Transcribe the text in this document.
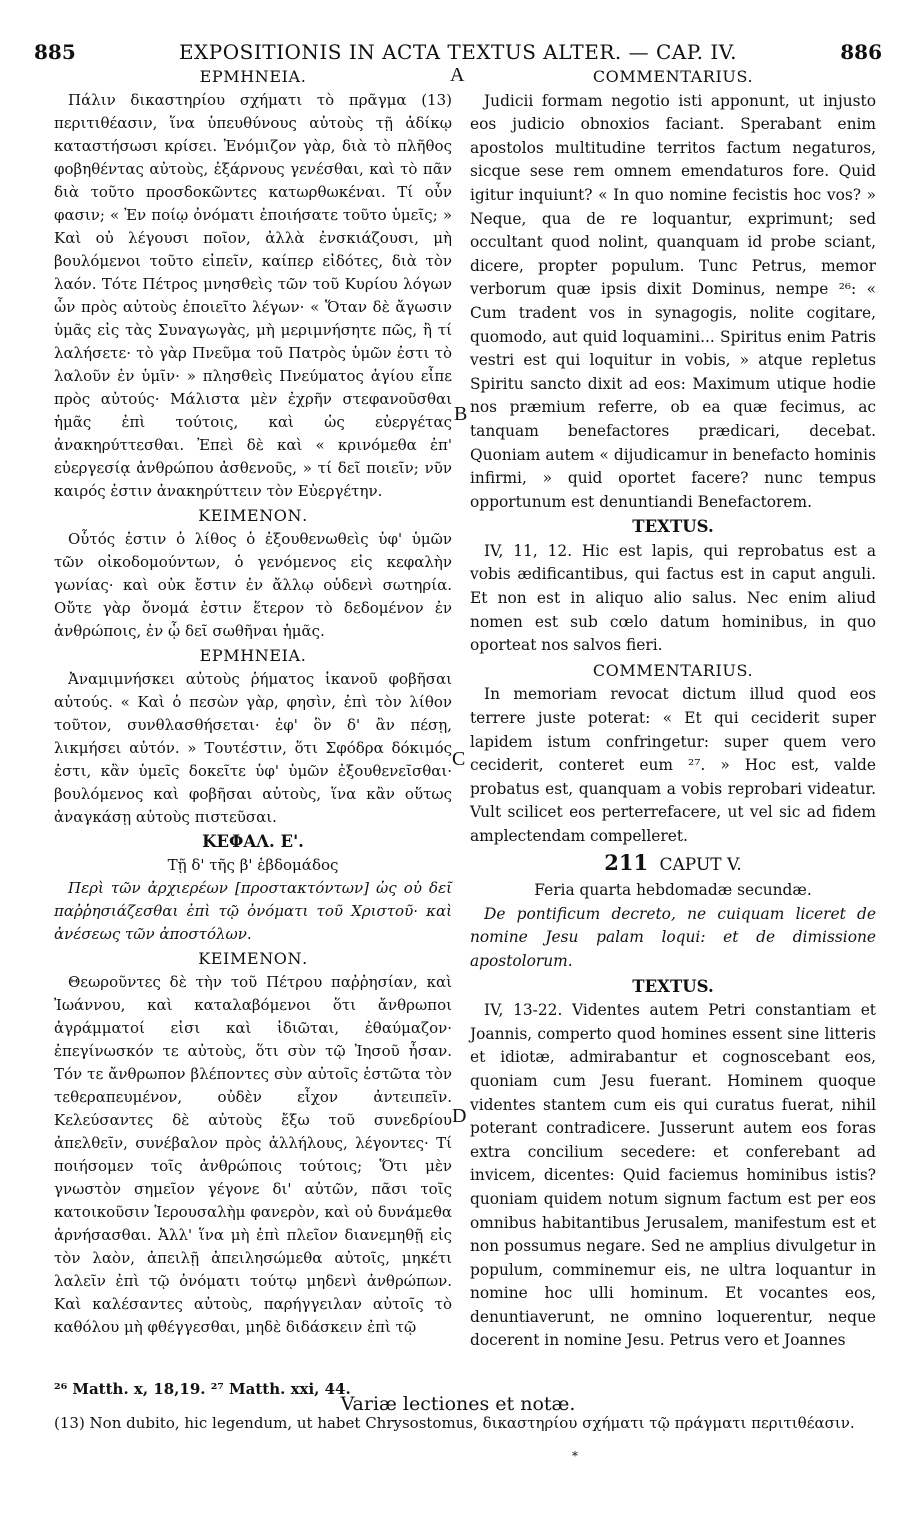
885	EXPOSITIONIS IN ACTA TEXTUS ALTER. — CAP. IV.	886
A
B
C
D
ΕΡΜΗΝΕΙΑ.

Πάλιν δικαστηρίου σχήματι τὸ πρᾶγμα (13) περιτιθέασιν, ἵνα ὑπευθύνους αὐτοὺς τῇ ἀδίκῳ καταστήσωσι κρίσει. Ἐνόμιζον γὰρ, διὰ τὸ πλῆθος φοβηθέντας αὐτοὺς, ἐξάρνους γενέσθαι, καὶ τὸ πᾶν διὰ τοῦτο προσδοκῶντες κατωρθωκέναι. Τί οὖν φασιν; « Ἐν ποίῳ ὀνόματι ἐποιήσατε τοῦτο ὑμεῖς; » Καὶ οὐ λέγουσι ποῖον, ἀλλὰ ἐνσκιάζουσι, μὴ βουλόμενοι τοῦτο εἰπεῖν, καίπερ εἰδότες, διὰ τὸν λαόν. Τότε Πέτρος μνησθεὶς τῶν τοῦ Κυρίου λόγων ὧν πρὸς αὐτοὺς ἐποιεῖτο λέγων· « Ὅταν δὲ ἄγωσιν ὑμᾶς εἰς τὰς Συναγωγὰς, μὴ μεριμνήσητε πῶς, ἢ τί λαλήσετε· τὸ γὰρ Πνεῦμα τοῦ Πατρὸς ὑμῶν ἐστι τὸ λαλοῦν ἐν ὑμῖν· » πλησθεὶς Πνεύματος ἁγίου εἶπε πρὸς αὐτούς· Μάλιστα μὲν ἐχρῆν στεφανοῦσθαι ἡμᾶς ἐπὶ τούτοις, καὶ ὡς εὐεργέτας ἀνακηρύττεσθαι. Ἐπεὶ δὲ καὶ « κρινόμεθα ἐπ' εὐεργεσίᾳ ἀνθρώπου ἀσθενοῦς, » τί δεῖ ποιεῖν; νῦν καιρός ἐστιν ἀνακηρύττειν τὸν Εὐεργέτην.

ΚΕΙΜΕΝΟΝ.

Οὗτός ἐστιν ὁ λίθος ὁ ἐξουθενωθεὶς ὑφ' ὑμῶν τῶν οἰκοδομούντων, ὁ γενόμενος εἰς κεφαλὴν γωνίας· καὶ οὐκ ἔστιν ἐν ἄλλῳ οὐδενὶ σωτηρία. Οὔτε γὰρ ὄνομά ἐστιν ἕτερον τὸ δεδομένον ἐν ἀνθρώποις, ἐν ᾧ δεῖ σωθῆναι ἡμᾶς.

ΕΡΜΗΝΕΙΑ.

Ἀναμιμνήσκει αὐτοὺς ῥήματος ἱκανοῦ φοβῆσαι αὐτούς. « Καὶ ὁ πεσὼν γὰρ, φησὶν, ἐπὶ τὸν λίθον τοῦτον, συνθλασθήσεται· ἐφ' ὃν δ' ἂν πέσῃ, λικμήσει αὐτόν. » Τουτέστιν, ὅτι Σφόδρα δόκιμός ἐστι, κἂν ὑμεῖς δοκεῖτε ὑφ' ὑμῶν ἐξουθενεῖσθαι· βουλόμενος καὶ φοβῆσαι αὐτοὺς, ἵνα κἂν οὕτως ἀναγκάσῃ αὐτοὺς πιστεῦσαι.

ΚΕΦΑΛ. Ε'.

Τῇ δ' τῆς β' ἑβδομάδος

Περὶ τῶν ἀρχιερέων [προστακτόντων] ὡς οὐ δεῖ παῤῥησιάζεσθαι ἐπὶ τῷ ὀνόματι τοῦ Χριστοῦ· καὶ ἀνέσεως τῶν ἀποστόλων.

ΚΕΙΜΕΝΟΝ.

Θεωροῦντες δὲ τὴν τοῦ Πέτρου παῤῥησίαν, καὶ Ἰωάννου, καὶ καταλαβόμενοι ὅτι ἄνθρωποι ἀγράμματοί εἰσι καὶ ἰδιῶται, ἐθαύμαζον· ἐπεγίνωσκόν τε αὐτοὺς, ὅτι σὺν τῷ Ἰησοῦ ἦσαν. Τόν τε ἄνθρωπον βλέποντες σὺν αὐτοῖς ἑστῶτα τὸν τεθεραπευμένον, οὐδὲν εἶχον ἀντειπεῖν. Κελεύσαντες δὲ αὐτοὺς ἔξω τοῦ συνεδρίου ἀπελθεῖν, συνέβαλον πρὸς ἀλλήλους, λέγοντες· Τί ποιήσομεν τοῖς ἀνθρώποις τούτοις; Ὅτι μὲν γνωστὸν σημεῖον γέγονε δι' αὐτῶν, πᾶσι τοῖς κατοικοῦσιν Ἱερουσαλὴμ φανερὸν, καὶ οὐ δυνάμεθα ἀρνήσασθαι. Ἀλλ' ἵνα μὴ ἐπὶ πλεῖον διανεμηθῇ εἰς τὸν λαὸν, ἀπειλῇ ἀπειλησώμεθα αὐτοῖς, μηκέτι λαλεῖν ἐπὶ τῷ ὀνόματι τούτῳ μηδενὶ ἀνθρώπων. Καὶ καλέσαντες αὐτοὺς, παρήγγειλαν αὐτοῖς τὸ καθόλου μὴ φθέγγεσθαι, μηδὲ διδάσκειν ἐπὶ τῷ

COMMENTARIUS.

Judicii formam negotio isti apponunt, ut injusto eos judicio obnoxios faciant. Sperabant enim apostolos multitudine territos factum negaturos, sicque sese rem omnem emendaturos fore. Quid igitur inquiunt? « In quo nomine fecistis hoc vos? » Neque, qua de re loquantur, exprimunt; sed occultant quod nolint, quanquam id probe sciant, dicere, propter populum. Tunc Petrus, memor verborum quæ ipsis dixit Dominus, nempe ²⁶: « Cum tradent vos in synagogis, nolite cogitare, quomodo, aut quid loquamini... Spiritus enim Patris vestri est qui loquitur in vobis, » atque repletus Spiritu sancto dixit ad eos: Maximum utique hodie nos præmium referre, ob ea quæ fecimus, ac tanquam benefactores prædicari, decebat. Quoniam autem « dijudicamur in benefacto hominis infirmi, » quid oportet facere? nunc tempus opportunum est denuntiandi Benefactorem.

TEXTUS.

IV, 11, 12. Hic est lapis, qui reprobatus est a vobis ædificantibus, qui factus est in caput anguli. Et non est in aliquo alio salus. Nec enim aliud nomen est sub cœlo datum hominibus, in quo oporteat nos salvos fieri.

COMMENTARIUS.

In memoriam revocat dictum illud quod eos terrere juste poterat: « Et qui ceciderit super lapidem istum confringetur: super quem vero ceciderit, conteret eum ²⁷. » Hoc est, valde probatus est, quanquam a vobis reprobari videatur. Vult scilicet eos perterrefacere, ut vel sic ad fidem amplectendam compelleret.

211 CAPUT V.

Feria quarta hebdomadæ secundæ.

De pontificum decreto, ne cuiquam liceret de nomine Jesu palam loqui: et de dimissione apostolorum.

TEXTUS.

IV, 13-22. Videntes autem Petri constantiam et Joannis, comperto quod homines essent sine litteris et idiotæ, admirabantur et cognoscebant eos, quoniam cum Jesu fuerant. Hominem quoque videntes stantem cum eis qui curatus fuerat, nihil poterant contradicere. Jusserunt autem eos foras extra concilium secedere: et conferebant ad invicem, dicentes: Quid faciemus hominibus istis? quoniam quidem notum signum factum est per eos omnibus habitantibus Jerusalem, manifestum est et non possumus negare. Sed ne amplius divulgetur in populum, comminemur eis, ne ultra loquantur in nomine hoc ulli hominum. Et vocantes eos, denuntiaverunt, ne omnino loquerentur, neque docerent in nomine Jesu. Petrus vero et Joannes

²⁶ Matth. x, 18,19. ²⁷ Matth. xxi, 44.
Variæ lectiones et notæ.
(13) Non dubito, hic legendum, ut habet Chrysostomus, δικαστηρίου σχήματι τῷ πράγματι περιτιθέασιν.
*
